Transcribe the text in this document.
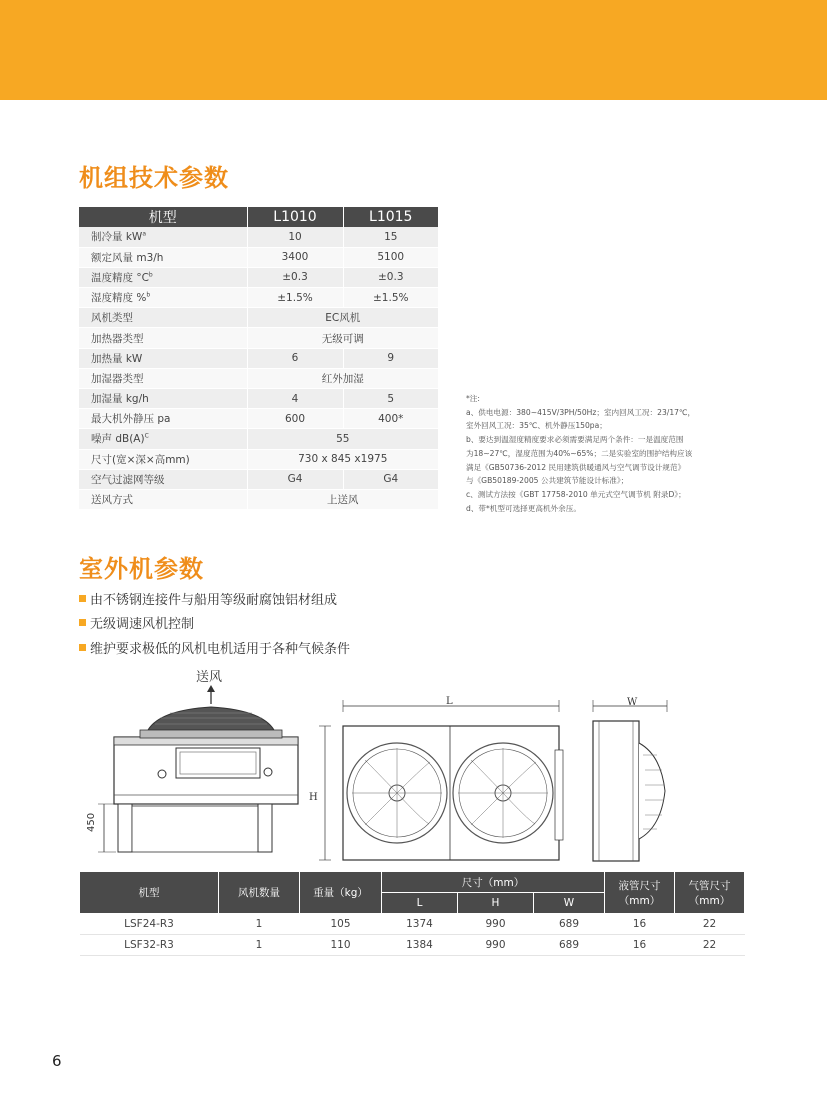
机组技术参数
机型	L1010	L1015
制冷量 $kW^a$	10	15
额定风量 m3/h	3400	5100
温度精度 $^\circ C^b$	±0.3	±0.3
湿度精度 %$^b$	±1.5%	±1.5%
风机类型	EC风机	
加热器类型	无级可调	
加热量 kW	6	9
加湿器类型	红外加湿	
加湿量 kg/h	4	5
最大机外静压 pa	600	400*
噪声 $dB(A)^C$	55	
尺寸(宽×深×高mm)	730 x 845 x1975	
空气过滤网等级	G4	G4
送风方式	上送风	
*注:
a、供电电源：380~415V/3PH/50Hz；室内回风工况：23/17℃，
室外回风工况：35℃、机外静压150pa；
b、要达到温湿度精度要求必须需要满足两个条件：一是温度范围
为18~27℃，湿度范围为40%~65%；二是实验室的围护结构应该
满足《GB50736-2012 民用建筑供暖通风与空气调节设计规范》
与《GB50189-2005 公共建筑节能设计标准》；
c、测试方法按《GBT 17758-2010 单元式空气调节机 附录D》；
d、带*机型可选择更高机外余压。
室外机参数
由不锈钢连接件与船用等级耐腐蚀铝材组成
无级调速风机控制
维护要求极低的风机电机适用于各种气候条件
送风
450
L
H
W
机型	风机数量	重量（kg）	尺寸（mm）			液管尺寸（mm）	气管尺寸（mm）
			L	H	W		
LSF24-R3	1	105	1374	990	689	16	22
LSF32-R3	1	110	1384	990	689	16	22
6
